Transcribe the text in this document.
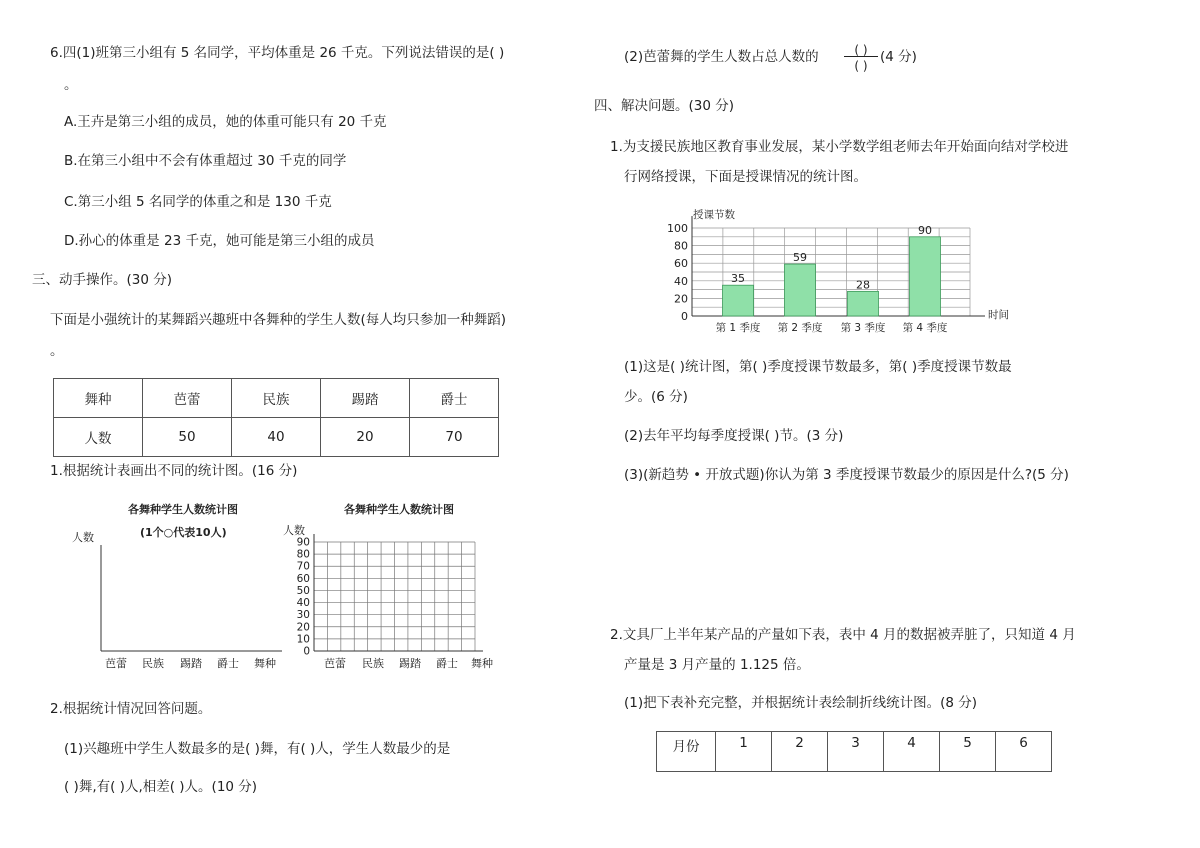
6.四(1)班第三小组有 5 名同学，平均体重是 26 千克。下列说法错误的是( )
。
A.王卉是第三小组的成员，她的体重可能只有 20 千克
B.在第三小组中不会有体重超过 30 千克的同学
C.第三小组 5 名同学的体重之和是 130 千克
D.孙心的体重是 23 千克，她可能是第三小组的成员
三、动手操作。(30 分)
下面是小强统计的某舞蹈兴趣班中各舞种的学生人数(每人均只参加一种舞蹈)
。
舞种	芭蕾	民族	踢踏	爵士
人数	50	40	20	70
1.根据统计表画出不同的统计图。(16 分)
各舞种学生人数统计图
(1个○代表10人)
人数
芭蕾 民族 踢踏 爵士 舞种
各舞种学生人数统计图
人数
90
80
70
60
50
40
30
20
10
0
芭蕾 民族 踢踏 爵士 舞种
2.根据统计情况回答问题。
(1)兴趣班中学生人数最多的是( )舞，有( )人，学生人数最少的是
( )舞,有( )人,相差( )人。(10 分)
(2)芭蕾舞的学生人数占总人数的	( )
( )
(4 分)
四、解决问题。(30 分)
1.为支援民族地区教育事业发展，某小学数学组老师去年开始面向结对学校进
行网络授课，下面是授课情况的统计图。
0
20
40
60
80
100
授课节数
时间
35
第 1 季度
59
第 2 季度
28
第 3 季度
90
第 4 季度
(1)这是( )统计图，第( )季度授课节数最多，第( )季度授课节数最
少。(6 分)
(2)去年平均每季度授课( )节。(3 分)
(3)(新趋势 • 开放式题)你认为第 3 季度授课节数最少的原因是什么?(5 分)
2.文具厂上半年某产品的产量如下表，表中 4 月的数据被弄脏了，只知道 4 月
产量是 3 月产量的 1.125 倍。
(1)把下表补充完整，并根据统计表绘制折线统计图。(8 分)
月份	1	2	3	4	5	6
